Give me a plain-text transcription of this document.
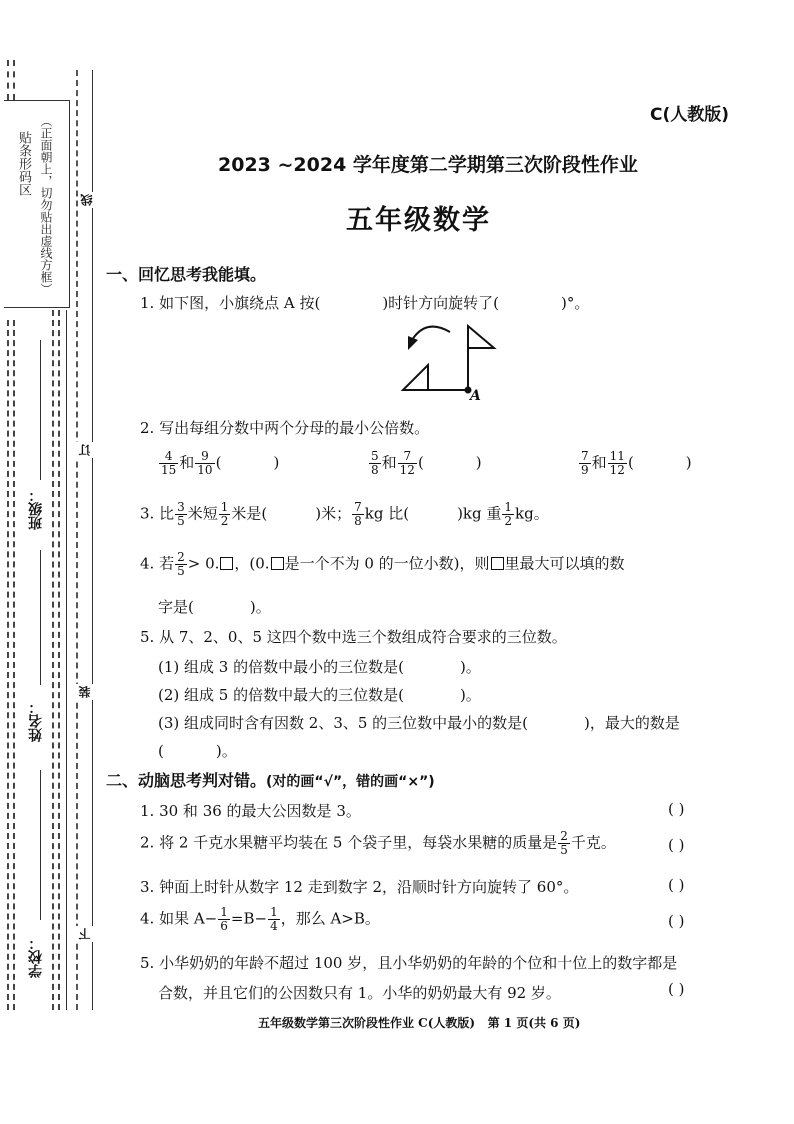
贴条形码区 （正面朝上，切勿贴出虚线方框） 线
订
装
下
班级：
姓名：
学校：
C(人教版)
2023 ~2024 学年度第二学期第三次阶段性作业
五年级数学
一、回忆思考我能填。
1. 如下图，小旗绕点 A 按(	)时针方向旋转了(	)°。
A
2. 写出每组分数中两个分母的最小公倍数。
$\frac{4}{15}$ 和 $\frac{9}{10}$ (	)	$\frac{5}{8}$ 和 $\frac{7}{12}$ (	)	$\frac{7}{9}$ 和 $\frac{11}{12}$ (	)
3. 比 $\frac{3}{5}$ 米短 $\frac{1}{2}$ 米是(	)米； $\frac{7}{8}$ kg 比(	)kg 重 $\frac{1}{2}$ kg。
4. 若 $\frac{2}{5} > 0$. ，(0. 是一个不为 0 的一位小数)，则 里最大可以填的数
字是(	)。
5. 从 7、2、0、5 这四个数中选三个数组成符合要求的三位数。
(1) 组成 3 的倍数中最小的三位数是(	)。
(2) 组成 5 的倍数中最大的三位数是(	)。
(3) 组成同时含有因数 2、3、5 的三位数中最小的数是(	)，最大的数是
(	)。
二、动脑思考判对错。(对的画“√”，错的画“×”)
1. 30 和 36 的最大公因数是 3。	( )
2. 将 2 千克水果糖平均装在 5 个袋子里，每袋水果糖的质量是 $\frac{2}{5}$ 千克。	( )
3. 钟面上时针从数字 12 走到数字 2，沿顺时针方向旋转了 60°。	( )
4. 如果 $A- \frac{1}{6} =B- \frac{1}{4}$ ，那么 A>B。	( )
5. 小华奶奶的年龄不超过 100 岁，且小华奶奶的年龄的个位和十位上的数字都是
合数，并且它们的公因数只有 1。小华的奶奶最大有 92 岁。	( )
五年级数学第三次阶段性作业 C(人教版)   第 1 页(共 6 页)
